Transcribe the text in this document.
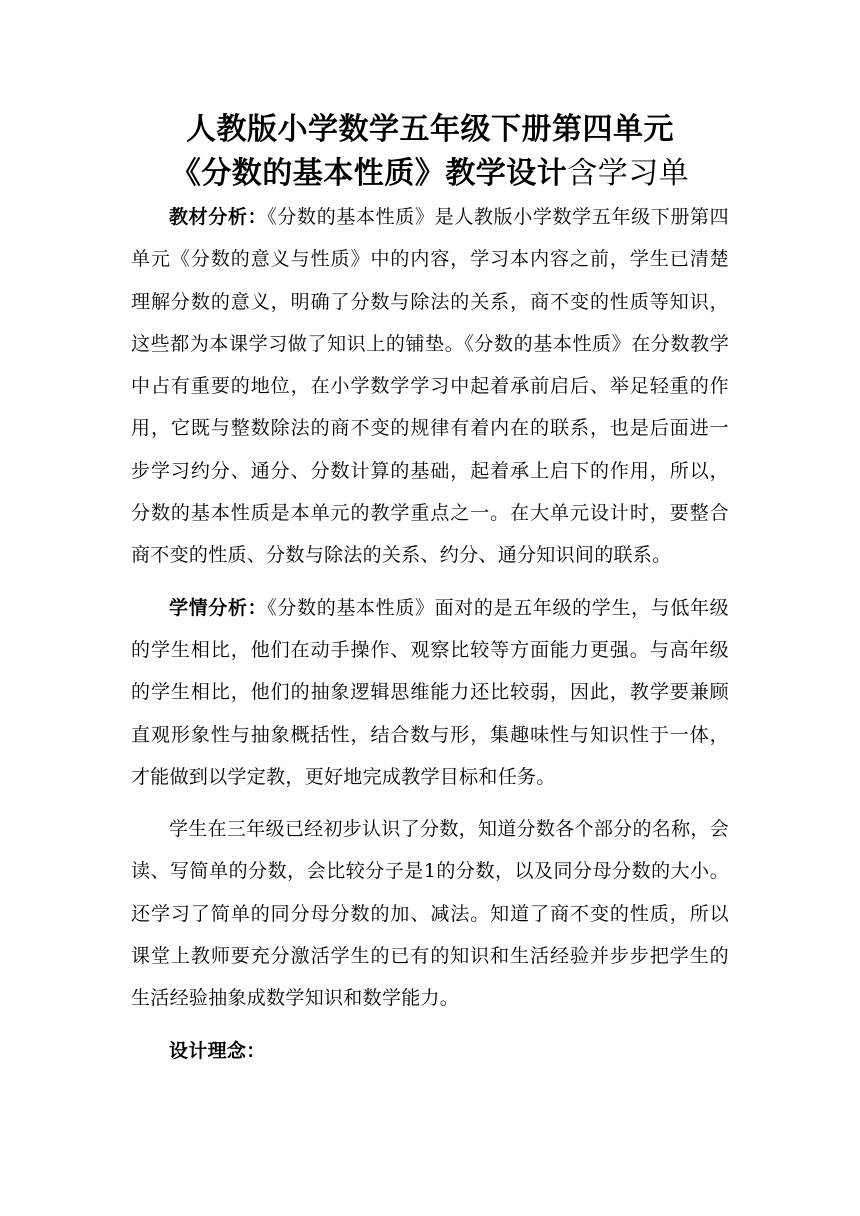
人教版小学数学五年级下册第四单元
《分数的基本性质》教学设计含学习单

教材分析：《分数的基本性质》是人教版小学数学五年级下册第四单元《分数的意义与性质》中的内容，学习本内容之前，学生已清楚理解分数的意义，明确了分数与除法的关系，商不变的性质等知识，这些都为本课学习做了知识上的铺垫。《分数的基本性质》在分数教学中占有重要的地位，在小学数学学习中起着承前启后、举足轻重的作用，它既与整数除法的商不变的规律有着内在的联系，也是后面进一步学习约分、通分、分数计算的基础，起着承上启下的作用，所以，分数的基本性质是本单元的教学重点之一。在大单元设计时，要整合商不变的性质、分数与除法的关系、约分、通分知识间的联系。

学情分析：《分数的基本性质》面对的是五年级的学生，与低年级的学生相比，他们在动手操作、观察比较等方面能力更强。与高年级的学生相比，他们的抽象逻辑思维能力还比较弱，因此，教学要兼顾直观形象性与抽象概括性，结合数与形，集趣味性与知识性于一体，才能做到以学定教，更好地完成教学目标和任务。

学生在三年级已经初步认识了分数，知道分数各个部分的名称，会读、写简单的分数，会比较分子是1的分数，以及同分母分数的大小。还学习了简单的同分母分数的加、减法。知道了商不变的性质，所以课堂上教师要充分激活学生的已有的知识和生活经验并步步把学生的生活经验抽象成数学知识和数学能力。

设计理念：
